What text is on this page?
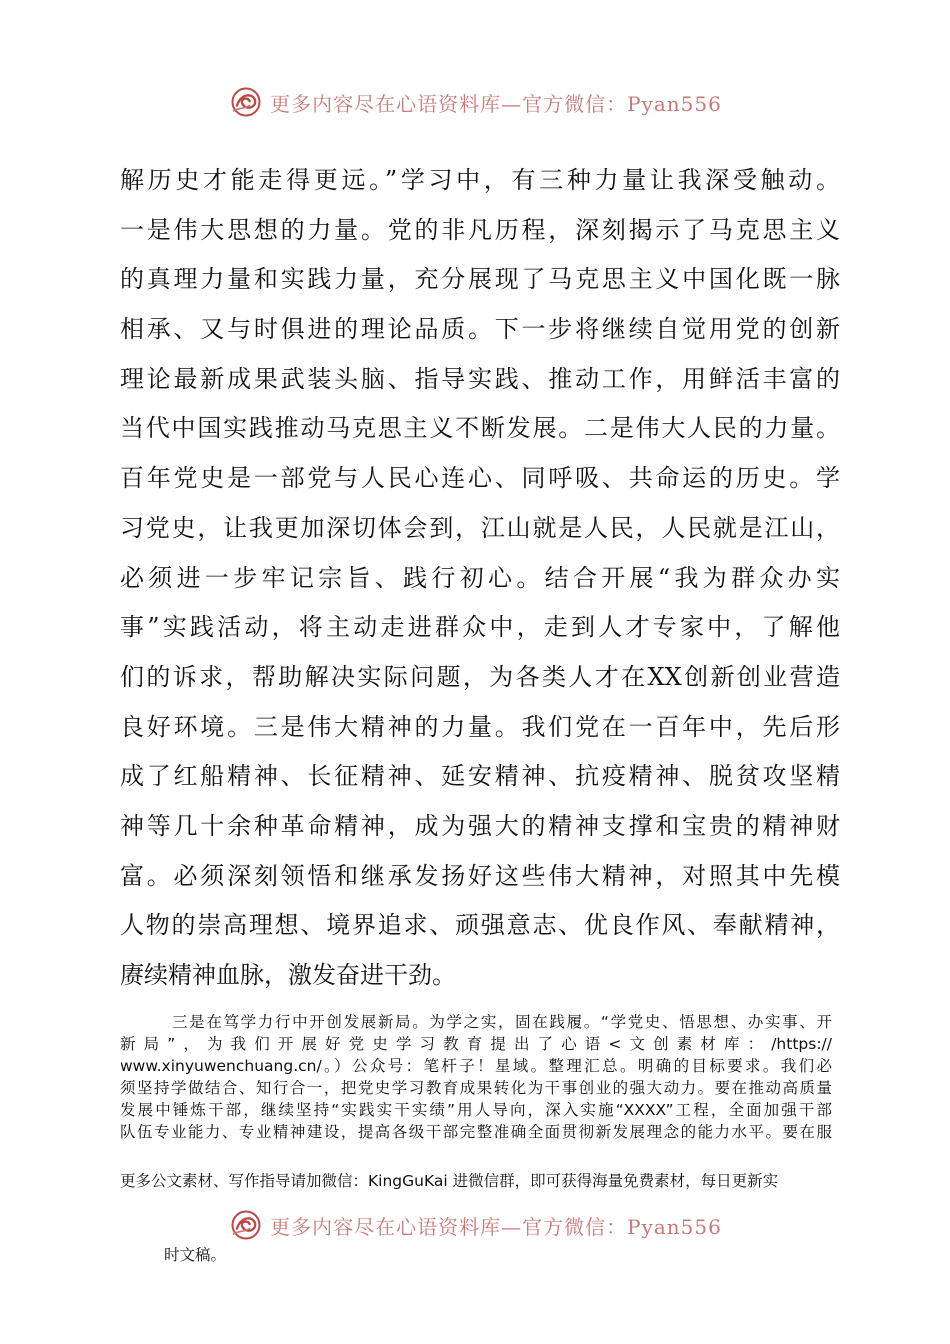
更多内容尽在心语资料库—官方微信：Pyan556
解历史才能走得更远。”学习中，有三种力量让我深受触动。
一是伟大思想的力量。党的非凡历程，深刻揭示了马克思主义
的真理力量和实践力量，充分展现了马克思主义中国化既一脉
相承、又与时俱进的理论品质。下一步将继续自觉用党的创新
理论最新成果武装头脑、指导实践、推动工作，用鲜活丰富的
当代中国实践推动马克思主义不断发展。二是伟大人民的力量。
百年党史是一部党与人民心连心、同呼吸、共命运的历史。学
习党史，让我更加深切体会到，江山就是人民，人民就是江山，
必须进一步牢记宗旨、践行初心。结合开展“我为群众办实
事”实践活动，将主动走进群众中，走到人才专家中，了解他
们的诉求，帮助解决实际问题，为各类人才在XX创新创业营造
良好环境。三是伟大精神的力量。我们党在一百年中，先后形
成了红船精神、长征精神、延安精神、抗疫精神、脱贫攻坚精
神等几十余种革命精神，成为强大的精神支撑和宝贵的精神财
富。必须深刻领悟和继承发扬好这些伟大精神，对照其中先模
人物的崇高理想、境界追求、顽强意志、优良作风、奉献精神，
赓续精神血脉，激发奋进干劲。
三是在笃学力行中开创发展新局。为学之实，固在践履。“学党史、悟思想、办实事、开
新局”，为我们开展好党史学习教育提出了心语<文创素材库：/https://
www.xinyuwenchuang.cn/。）公众号：笔杆子！星域。整理汇总。明确的目标要求。我们必
须坚持学做结合、知行合一，把党史学习教育成果转化为干事创业的强大动力。要在推动高质量
发展中锤炼干部，继续坚持“实践实干实绩”用人导向，深入实施“XXXX”工程，全面加强干部
队伍专业能力、专业精神建设，提高各级干部完整准确全面贯彻新发展理念的能力水平。要在服
更多公文素材、写作指导请加微信：KingGuKai 进微信群，即可获得海量免费素材，每日更新实
更多内容尽在心语资料库—官方微信：Pyan556
时文稿。
